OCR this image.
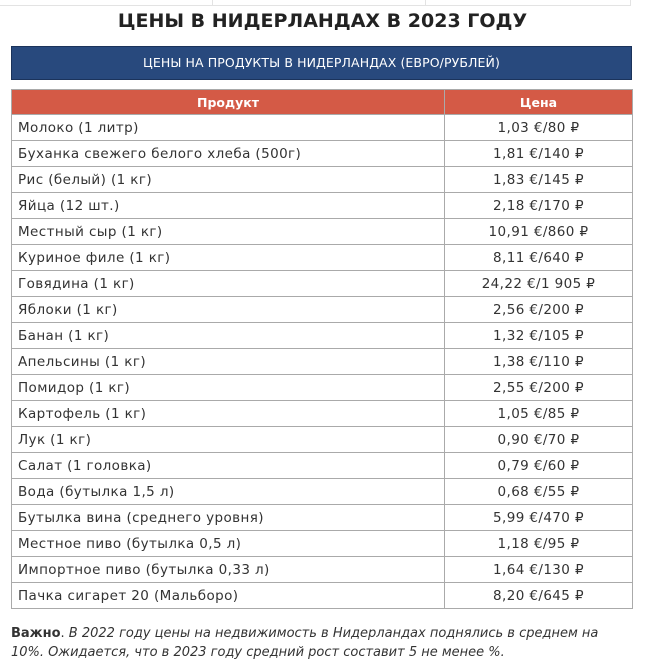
ЦЕНЫ В НИДЕРЛАНДАХ В 2023 ГОДУ
ЦЕНЫ НА ПРОДУКТЫ В НИДЕРЛАНДАХ (ЕВРО/РУБЛЕЙ)
Продукт	Цена
Молоко (1 литр)	1,03 €/80 ₽
Буханка свежего белого хлеба (500г)	1,81 €/140 ₽
Рис (белый) (1 кг)	1,83 €/145 ₽
Яйца (12 шт.)	2,18 €/170 ₽
Местный сыр (1 кг)	10,91 €/860 ₽
Куриное филе (1 кг)	8,11 €/640 ₽
Говядина (1 кг)	24,22 €/1 905 ₽
Яблоки (1 кг)	2,56 €/200 ₽
Банан (1 кг)	1,32 €/105 ₽
Апельсины (1 кг)	1,38 €/110 ₽
Помидор (1 кг)	2,55 €/200 ₽
Картофель (1 кг)	1,05 €/85 ₽
Лук (1 кг)	0,90 €/70 ₽
Салат (1 головка)	0,79 €/60 ₽
Вода (бутылка 1,5 л)	0,68 €/55 ₽
Бутылка вина (среднего уровня)	5,99 €/470 ₽
Местное пиво (бутылка 0,5 л)	1,18 €/95 ₽
Импортное пиво (бутылка 0,33 л)	1,64 €/130 ₽
Пачка сигарет 20 (Мальборо)	8,20 €/645 ₽

Важно. В 2022 году цены на недвижимость в Нидерландах поднялись в среднем на 10%. Ожидается, что в 2023 году средний рост составит 5 не менее %.
